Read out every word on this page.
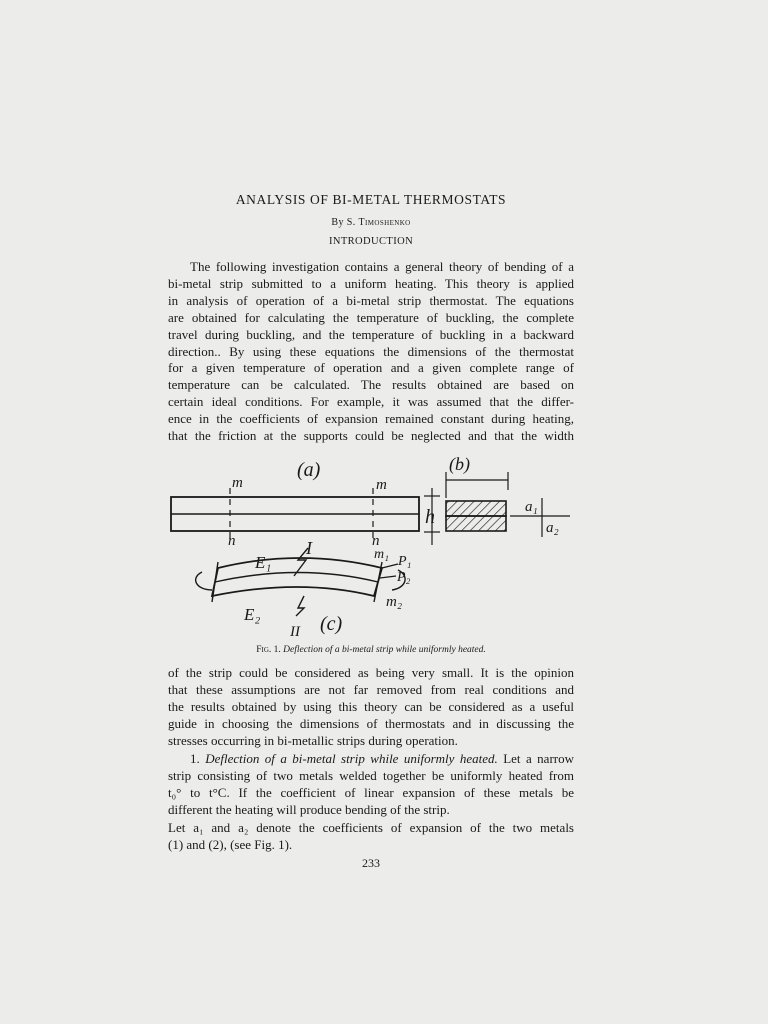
ANALYSIS OF BI-METAL THERMOSTATS
By S. Timoshenko
INTRODUCTION
The following investigation contains a general theory of bending of a
bi-metal strip submitted to a uniform heating. This theory is applied
in analysis of operation of a bi-metal strip thermostat. The equations
are obtained for calculating the temperature of buckling, the complete
travel during buckling, and the temperature of buckling in a backward
direction.. By using these equations the dimensions of the thermostat
for a given temperature of operation and a given complete range of
temperature can be calculated. The results obtained are based on
certain ideal conditions. For example, it was assumed that the differ-
ence in the coefficients of expansion remained constant during heating,
that the friction at the supports could be neglected and that the width
(a)
m	m
n	n
h
(b)
a₁
a₂
E₁
I	m₁ P₁
P₂
m₂
E₂
II (c)
Fig. 1. Deflection of a bi-metal strip while uniformly heated.
of the strip could be considered as being very small. It is the opinion
that these assumptions are not far removed from real conditions and
the results obtained by using this theory can be considered as a useful
guide in choosing the dimensions of thermostats and in discussing the
stresses occurring in bi-metallic strips during operation.
1. Deflection of a bi-metal strip while uniformly heated. Let a narrow
strip consisting of two metals welded together be uniformly heated from
t₀° to t°C. If the coefficient of linear expansion of these metals be
different the heating will produce bending of the strip.
Let a₁ and a₂ denote the coefficients of expansion of the two metals
(1) and (2), (see Fig. 1).
233
